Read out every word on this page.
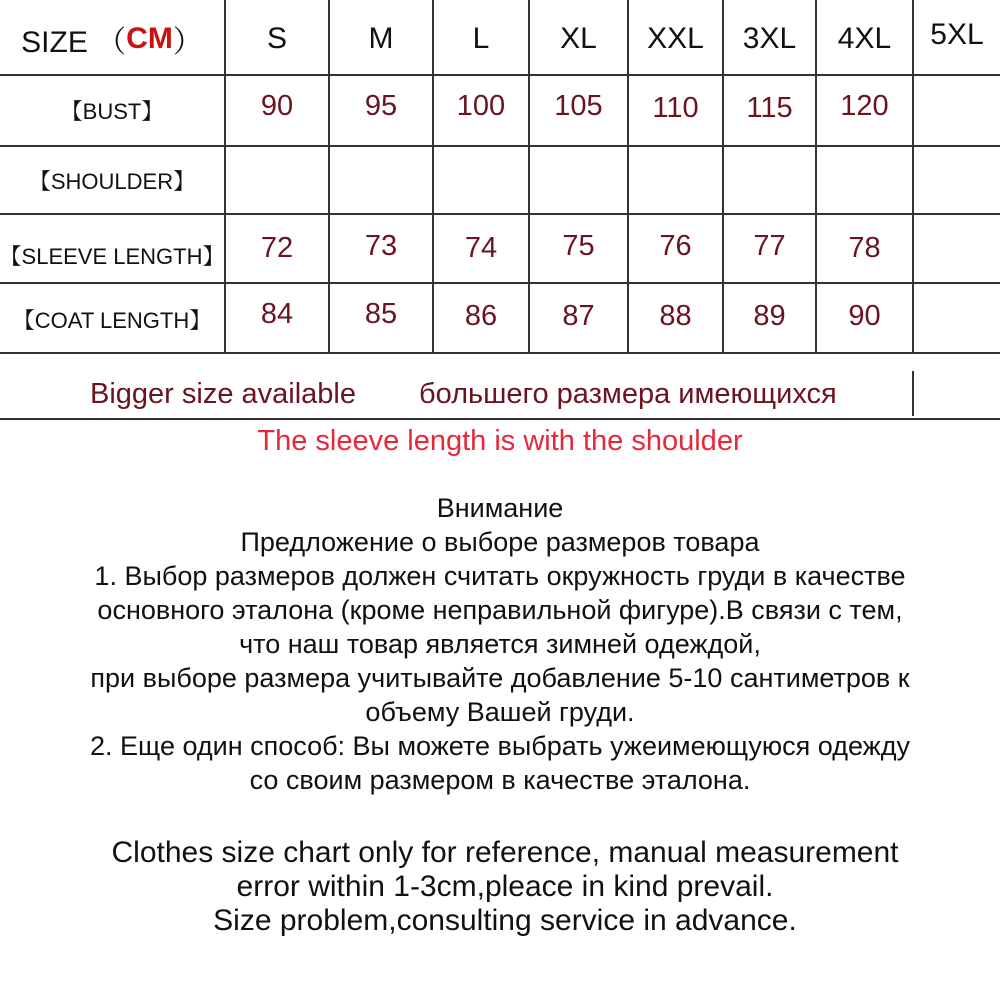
SIZE （ CM ）	S	M	L	XL	XXL	3XL	4XL	5XL
【BUST】	90	95	100	105	110	115	120
【SHOULDER】
【SLEEVE LENGTH】	72	73	74	75	76	77	78
【COAT LENGTH】	84	85	86	87	88	89	90
Bigger size available большего размера имеющихся
The sleeve length is with the shoulder
Внимание
Предложение о выборе размеров товара
1. Выбор размеров должен считать окружность груди в качестве
основного эталона (кроме неправильной фигуре).В связи с тем,
что наш товар является зимней одеждой,
при выборе размера учитывайте добавление 5-10 сантиметров к
объему Вашей груди.
2. Еще один способ: Вы можете выбрать ужеимеющуюся одежду
со своим размером в качестве эталона.
Clothes size chart only for reference, manual measurement
error within 1-3cm,pleace in kind prevail.
Size problem,consulting service in advance.
